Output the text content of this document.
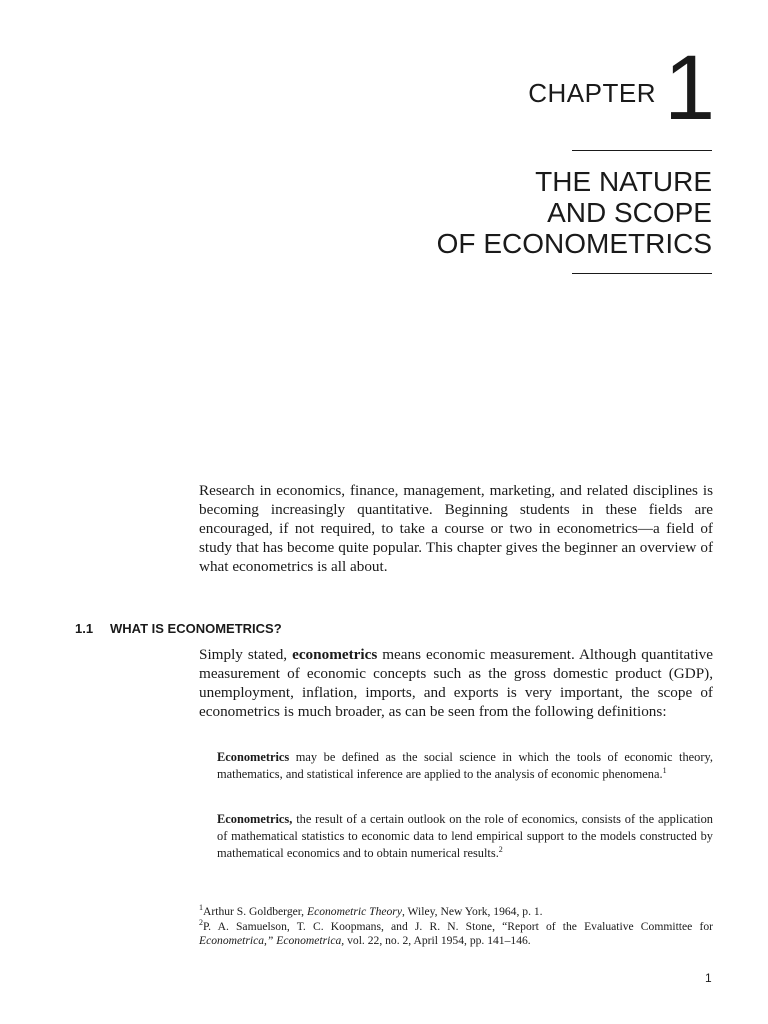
CHAPTER 1
THE NATURE
AND SCOPE
OF ECONOMETRICS

Research in economics, finance, management, marketing, and related disciplines is becoming increasingly quantitative. Beginning students in these fields are encouraged, if not required, to take a course or two in econometrics—a field of study that has become quite popular. This chapter gives the beginner an overview of what econometrics is all about.

1.1 WHAT IS ECONOMETRICS?

Simply stated, econometrics means economic measurement. Although quantitative measurement of economic concepts such as the gross domestic product (GDP), unemployment, inflation, imports, and exports is very important, the scope of econometrics is much broader, as can be seen from the following definitions:

Econometrics may be defined as the social science in which the tools of economic theory, mathematics, and statistical inference are applied to the analysis of economic phenomena.$^1$

Econometrics, the result of a certain outlook on the role of economics, consists of the application of mathematical statistics to economic data to lend empirical support to the models constructed by mathematical economics and to obtain numerical results.$^2$

$^1$Arthur S. Goldberger, Econometric Theory, Wiley, New York, 1964, p. 1.

$^2$P. A. Samuelson, T. C. Koopmans, and J. R. N. Stone, “Report of the Evaluative Committee for Econometrica,” Econometrica, vol. 22, no. 2, April 1954, pp. 141–146.

1
